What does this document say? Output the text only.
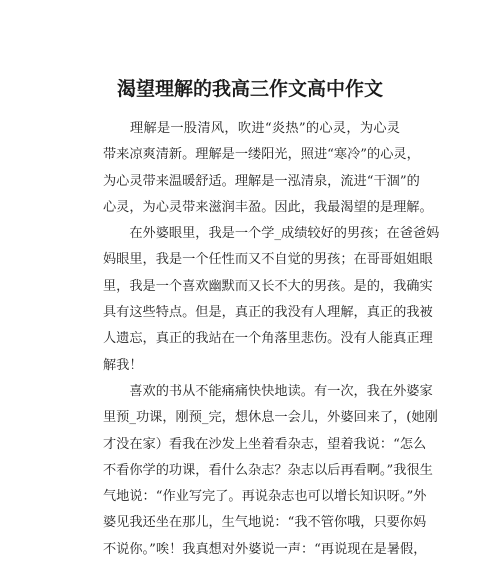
渴望理解的我高三作文高中作文
　　理解是一股清风，吹进“炎热”的心灵，为心灵
带来凉爽清新。理解是一缕阳光，照进“寒冷”的心灵，
为心灵带来温暖舒适。理解是一泓清泉，流进“干涸”的
心灵，为心灵带来滋润丰盈。因此，我最渴望的是理解。
　　在外婆眼里，我是一个学_成绩较好的男孩；在爸爸妈
妈眼里，我是一个任性而又不自觉的男孩；在哥哥姐姐眼
里，我是一个喜欢幽默而又长不大的男孩。是的，我确实
具有这些特点。但是，真正的我没有人理解，真正的我被
人遗忘，真正的我站在一个角落里悲伤。没有人能真正理
解我！
　　喜欢的书从不能痛痛快快地读。有一次，我在外婆家
里预_功课，刚预_完，想休息一会儿，外婆回来了，(她刚
才没在家）看我在沙发上坐着看杂志，望着我说：“怎么
不看你学的功课，看什么杂志？杂志以后再看啊。”我很生
气地说：“作业写完了。再说杂志也可以增长知识呀。”外
婆见我还坐在那儿，生气地说：“我不管你哦，只要你妈
不说你。”唉！我真想对外婆说一声：“再说现在是暑假，
